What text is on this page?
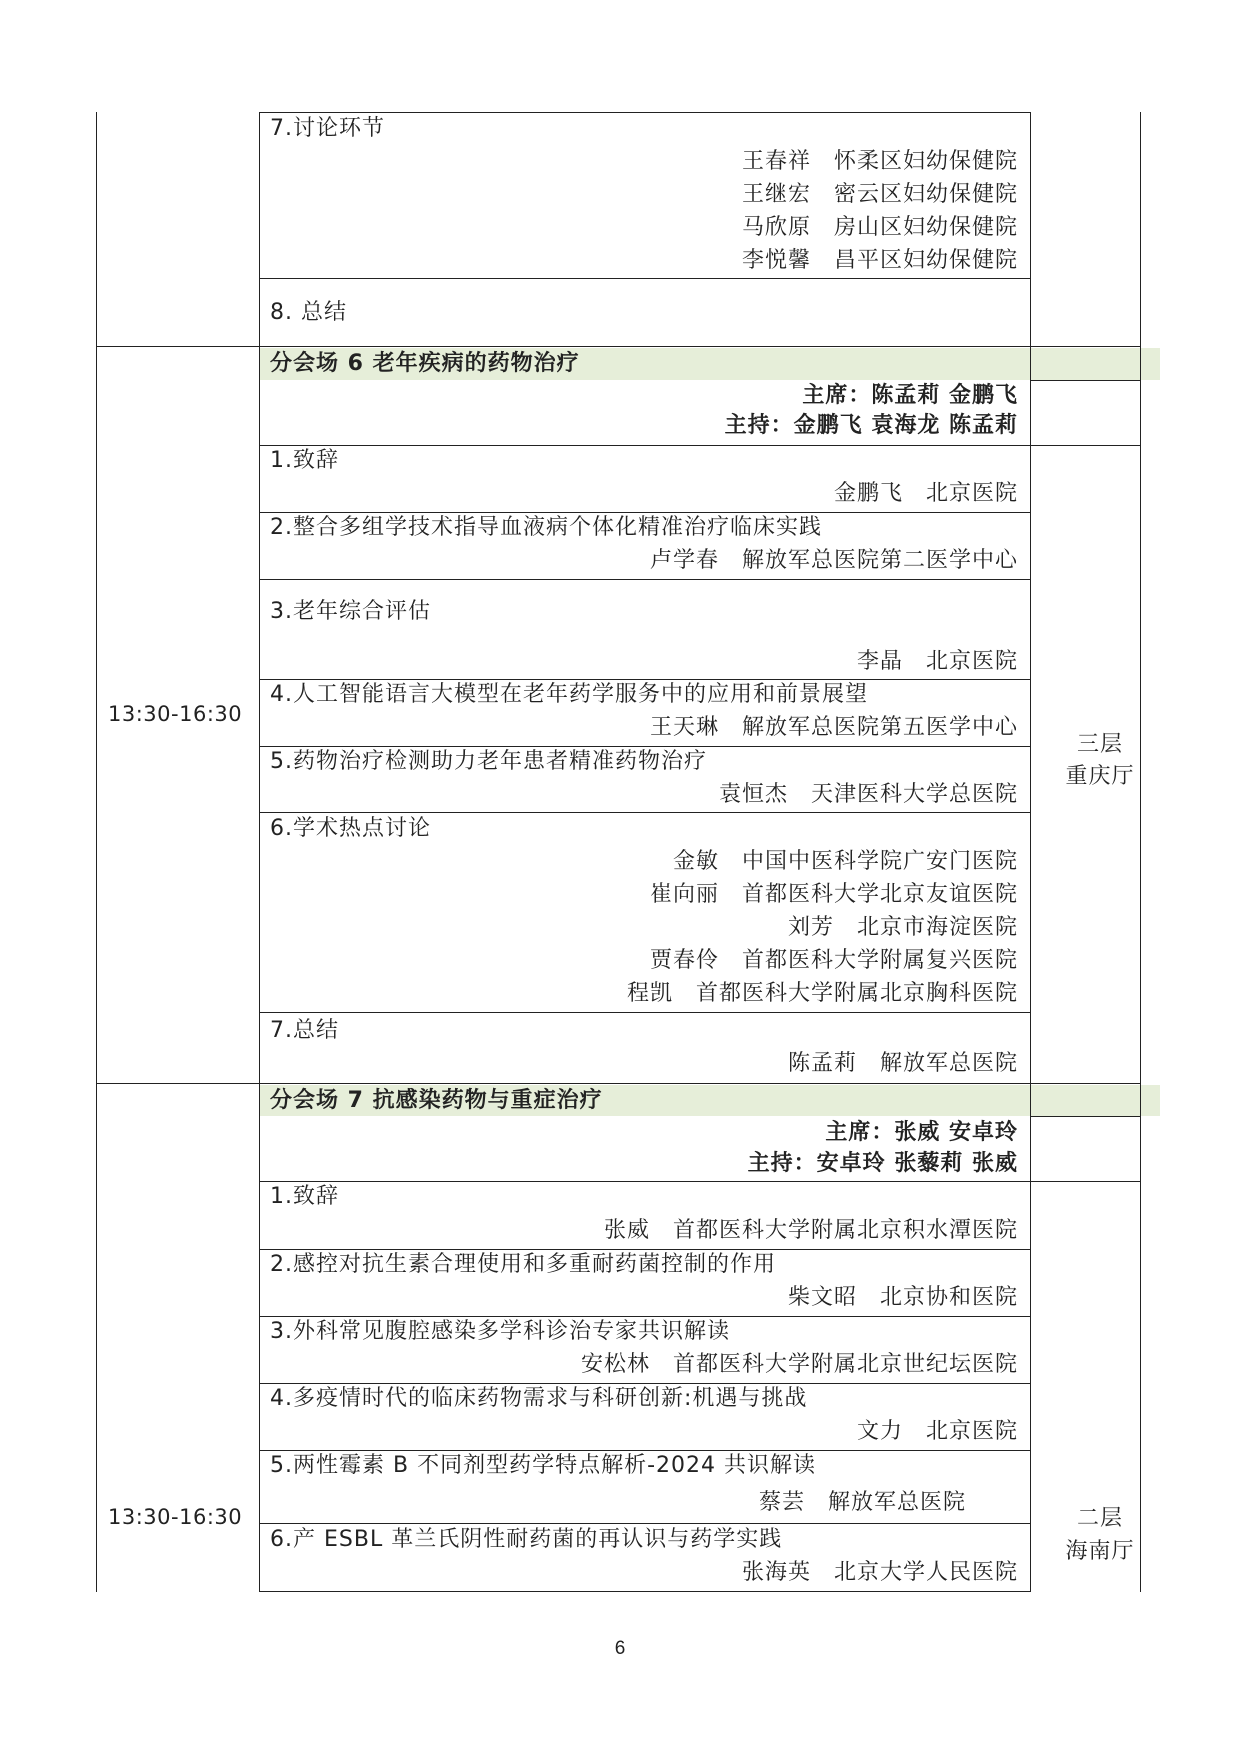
7.讨论环节
王春祥　怀柔区妇幼保健院
王继宏　密云区妇幼保健院
马欣原　房山区妇幼保健院
李悦馨　昌平区妇幼保健院
8. 总结
13:30-16:30
分会场 6 老年疾病的药物治疗
主席：陈孟莉 金鹏飞
主持：金鹏飞 袁海龙 陈孟莉
三层
重庆厅
1.致辞
金鹏飞　北京医院
2.整合多组学技术指导血液病个体化精准治疗临床实践
卢学春　解放军总医院第二医学中心
3.老年综合评估
李晶　北京医院
4.人工智能语言大模型在老年药学服务中的应用和前景展望
王天琳　解放军总医院第五医学中心
5.药物治疗检测助力老年患者精准药物治疗
袁恒杰　天津医科大学总医院
6.学术热点讨论
金敏　中国中医科学院广安门医院
崔向丽　首都医科大学北京友谊医院
刘芳　北京市海淀医院
贾春伶　首都医科大学附属复兴医院
程凯　首都医科大学附属北京胸科医院
7.总结
陈孟莉　解放军总医院
13:30-16:30
分会场 7 抗感染药物与重症治疗
主席：张威 安卓玲
主持：安卓玲 张藜莉 张威
二层
海南厅
1.致辞
张威　首都医科大学附属北京积水潭医院
2.感控对抗生素合理使用和多重耐药菌控制的作用
柴文昭　北京协和医院
3.外科常见腹腔感染多学科诊治专家共识解读
安松林　首都医科大学附属北京世纪坛医院
4.多疫情时代的临床药物需求与科研创新:机遇与挑战
文力　北京医院
5.两性霉素 B 不同剂型药学特点解析-2024 共识解读
蔡芸　解放军总医院
6.产 ESBL 革兰氏阴性耐药菌的再认识与药学实践
张海英　北京大学人民医院
6
